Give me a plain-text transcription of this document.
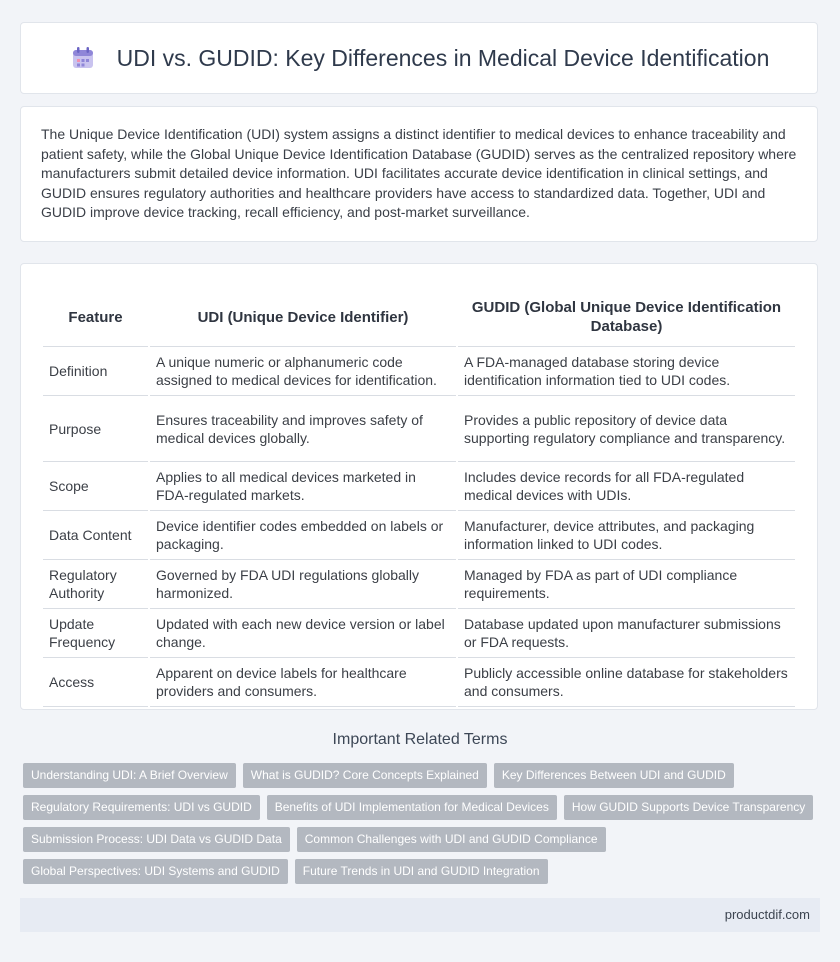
UDI vs. GUDID: Key Differences in Medical Device Identification

The Unique Device Identification (UDI) system assigns a distinct identifier to medical devices to enhance traceability and patient safety, while the Global Unique Device Identification Database (GUDID) serves as the centralized repository where manufacturers submit detailed device information. UDI facilitates accurate device identification in clinical settings, and GUDID ensures regulatory authorities and healthcare providers have access to standardized data. Together, UDI and GUDID improve device tracking, recall efficiency, and post-market surveillance.

Feature	UDI (Unique Device Identifier)	GUDID (Global Unique Device Identification Database)
Definition	A unique numeric or alphanumeric code assigned to medical devices for identification.	A FDA-managed database storing device identification information tied to UDI codes.
Purpose	Ensures traceability and improves safety of medical devices globally.	Provides a public repository of device data supporting regulatory compliance and transparency.
Scope	Applies to all medical devices marketed in FDA-regulated markets.	Includes device records for all FDA-regulated medical devices with UDIs.
Data Content	Device identifier codes embedded on labels or packaging.	Manufacturer, device attributes, and packaging information linked to UDI codes.
Regulatory Authority	Governed by FDA UDI regulations globally harmonized.	Managed by FDA as part of UDI compliance requirements.
Update Frequency	Updated with each new device version or label change.	Database updated upon manufacturer submissions or FDA requests.
Access	Apparent on device labels for healthcare providers and consumers.	Publicly accessible online database for stakeholders and consumers.
Important Related Terms
Understanding UDI: A Brief Overview	What is GUDID? Core Concepts Explained	Key Differences Between UDI and GUDID
Regulatory Requirements: UDI vs GUDID	Benefits of UDI Implementation for Medical Devices	How GUDID Supports Device Transparency
Submission Process: UDI Data vs GUDID Data	Common Challenges with UDI and GUDID Compliance
Global Perspectives: UDI Systems and GUDID	Future Trends in UDI and GUDID Integration
productdif.com
